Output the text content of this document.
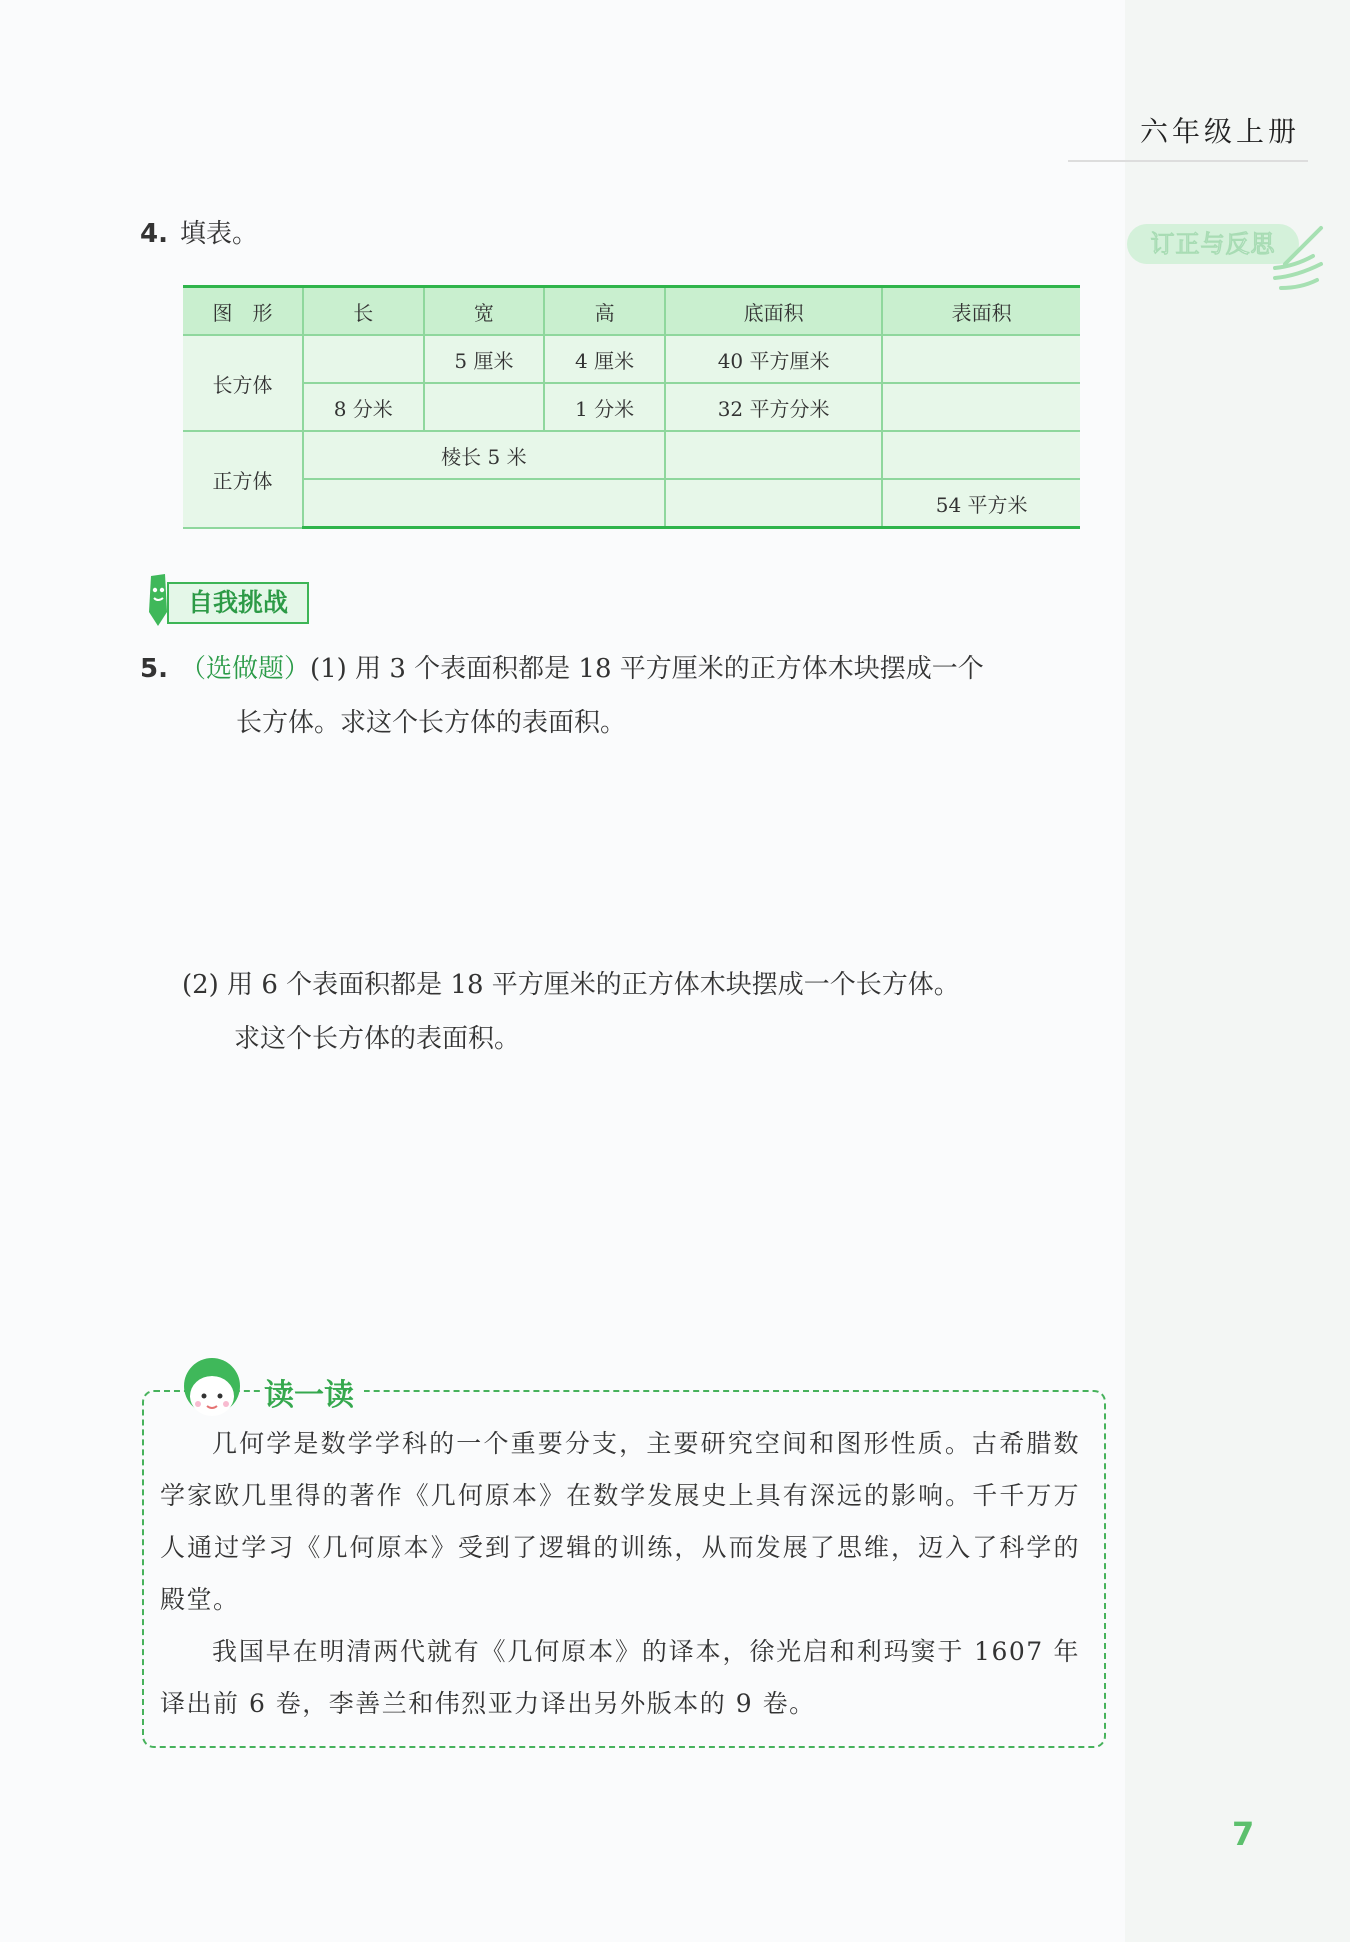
六年级上册
订正与反思
4. 填表。
图　形	长	宽	高	底面积	表面积
长方体		5 厘米	4 厘米	40 平方厘米	
	8 分米		1 分米	32 平方分米	
正方体	棱长 5 米				
					54 平方米
自我挑战
5. （选做题）(1) 用 3 个表面积都是 18 平方厘米的正方体木块摆成一个
长方体。求这个长方体的表面积。
(2) 用 6 个表面积都是 18 平方厘米的正方体木块摆成一个长方体。
求这个长方体的表面积。
读一读

几何学是数学学科的一个重要分支，主要研究空间和图形性质。古希腊数学家欧几里得的著作《几何原本》在数学发展史上具有深远的影响。千千万万人通过学习《几何原本》受到了逻辑的训练，从而发展了思维，迈入了科学的殿堂。

我国早在明清两代就有《几何原本》的译本，徐光启和利玛窦于 1607 年译出前 6 卷，李善兰和伟烈亚力译出另外版本的 9 卷。

7
